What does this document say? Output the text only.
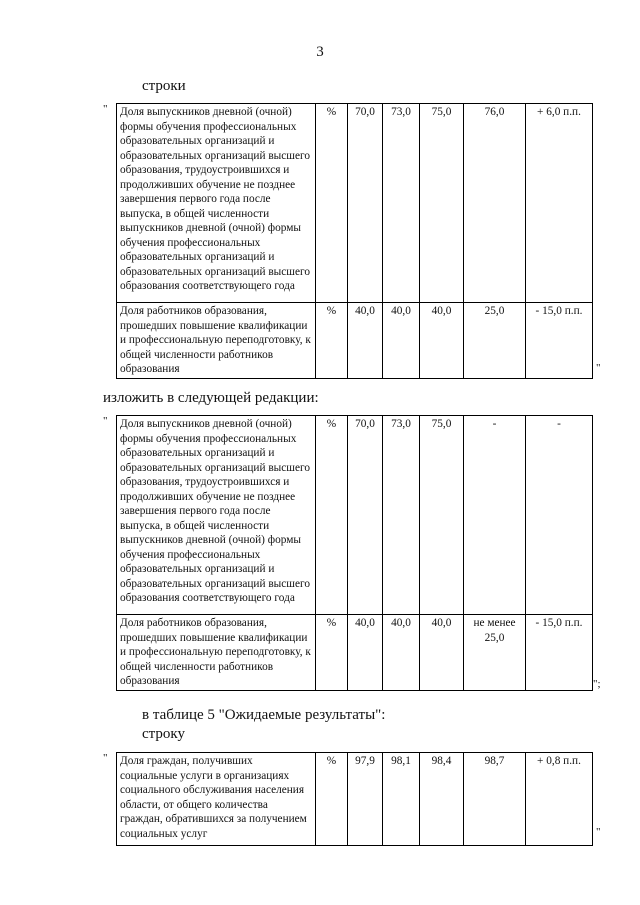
3
строки
" Доля выпускников дневной (очной) формы обучения профессиональных образовательных организаций и образовательных организаций высшего образования, трудоустроившихся и продолживших обучение не позднее завершения первого года после выпуска, в общей численности выпускников дневной (очной) формы обучения профессиональных образовательных организаций и образовательных организаций высшего образования соответствующего года	%	70,0	73,0	75,0	76,0	+ 6,0 п.п.
Доля работников образования, прошедших повышение квалификации и профессиональную переподготовку, к общей численности работников образования	%	40,0	40,0	40,0	25,0	- 15,0 п.п.
"
изложить в следующей редакции:
" Доля выпускников дневной (очной) формы обучения профессиональных образовательных организаций и образовательных организаций высшего образования, трудоустроившихся и продолживших обучение не позднее завершения первого года после выпуска, в общей численности выпускников дневной (очной) формы обучения профессиональных образовательных организаций и образовательных организаций высшего образования соответствующего года	%	70,0	73,0	75,0	-	-
Доля работников образования, прошедших повышение квалификации и профессиональную переподготовку, к общей численности работников образования	%	40,0	40,0	40,0	не менее 25,0	- 15,0 п.п.
";
в таблице 5 "Ожидаемые результаты":
строку
" Доля граждан, получивших социальные услуги в организациях социального обслуживания населения области, от общего количества граждан, обратившихся за получением социальных услуг	%	97,9	98,1	98,4	98,7	+ 0,8 п.п.
"
